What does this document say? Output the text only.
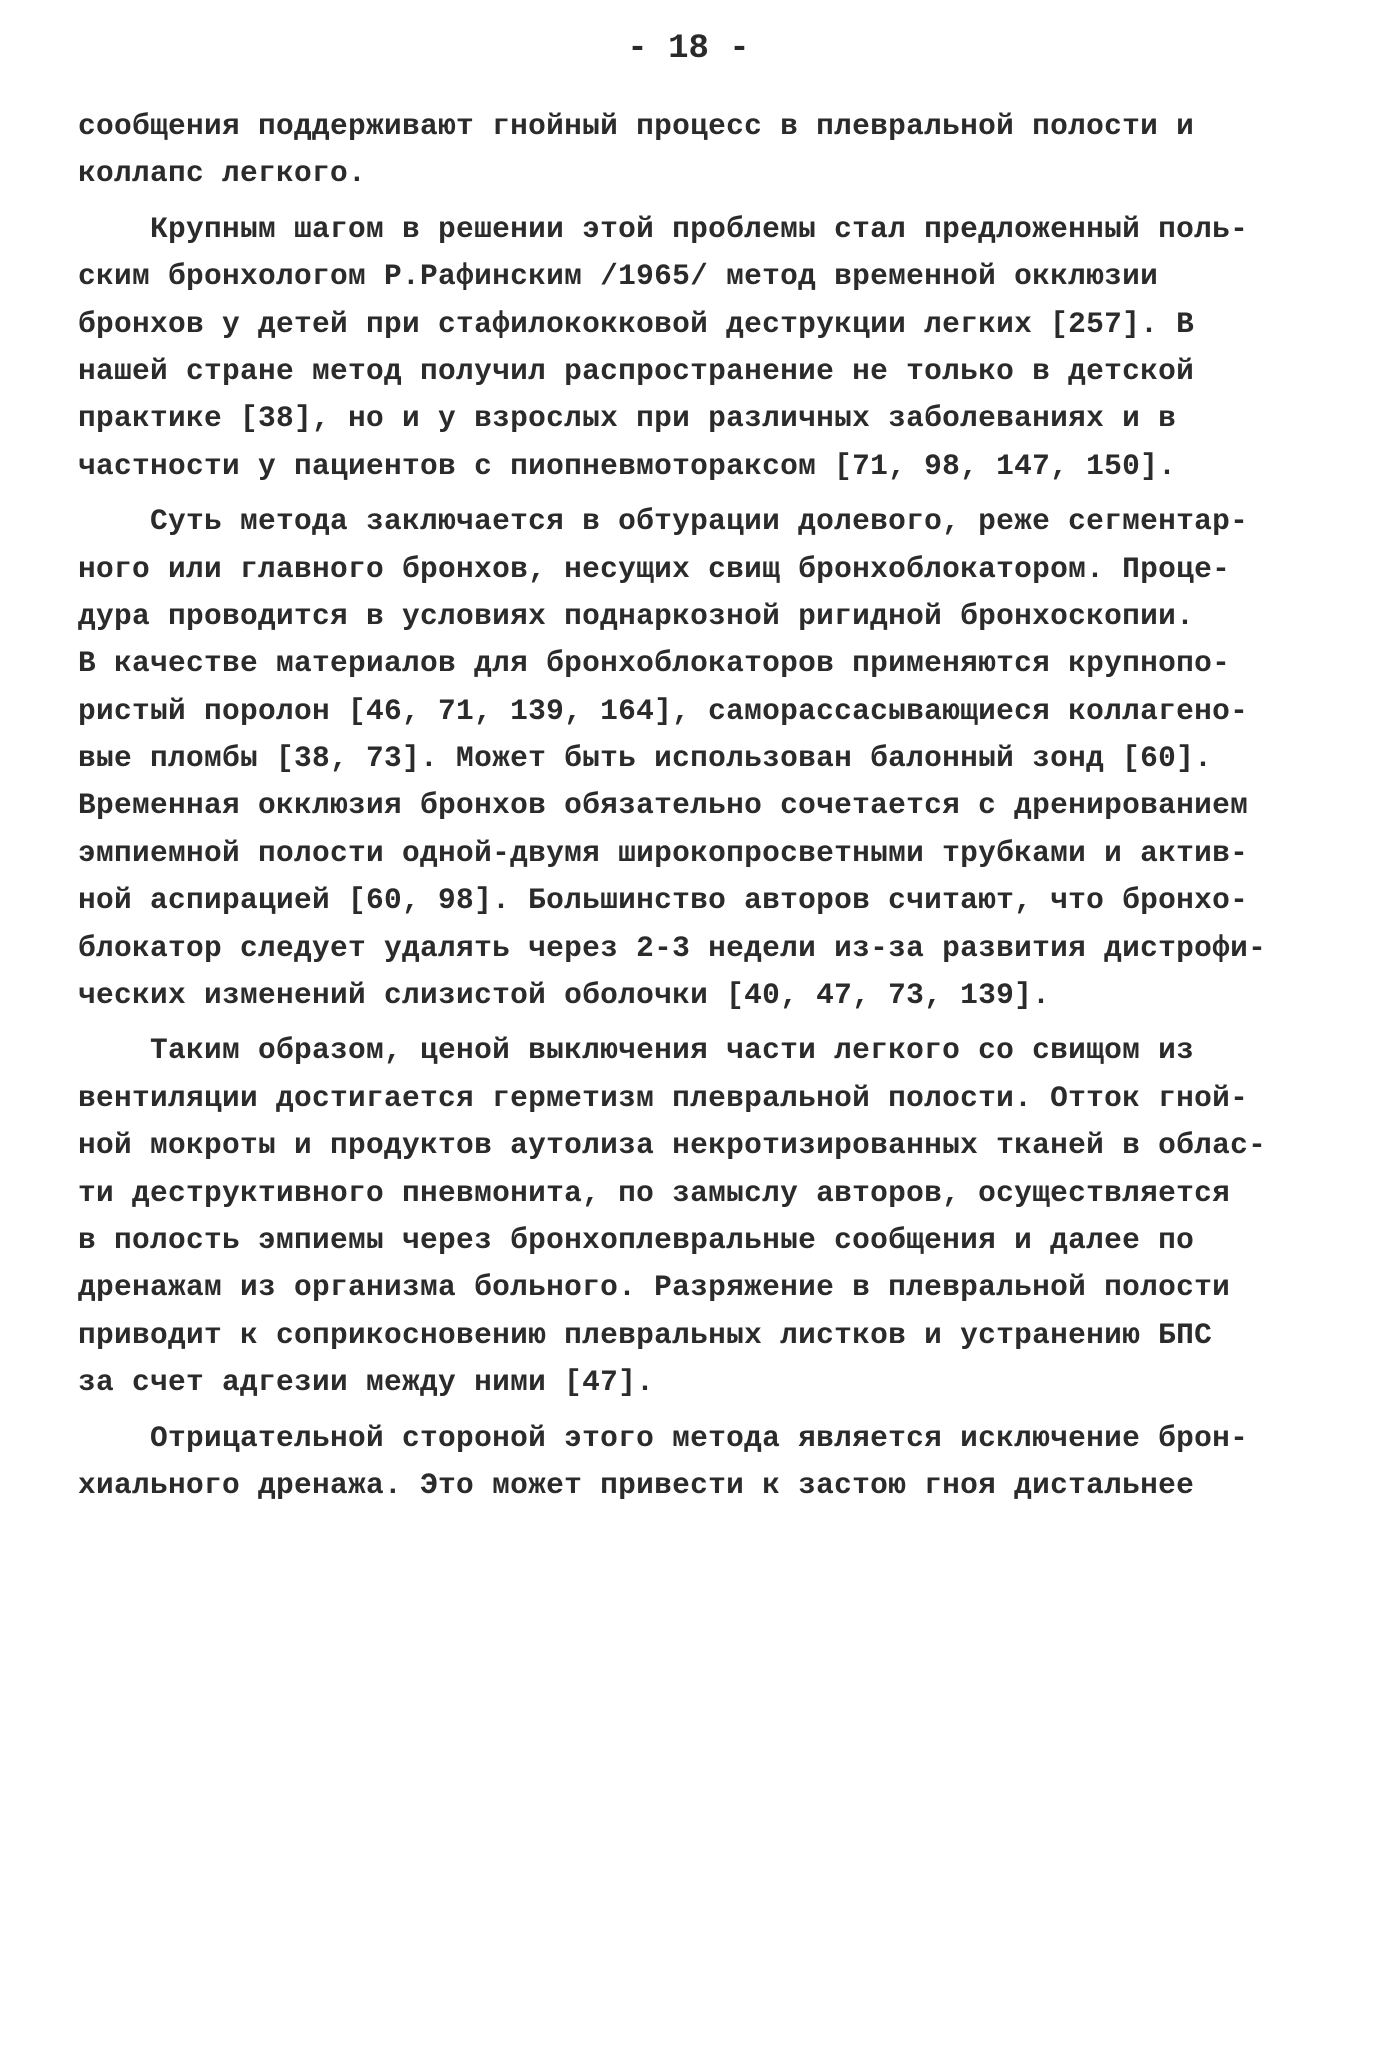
- 18 -
сообщения поддерживают гнойный процесс в плевральной полости и
коллапс легкого.
Крупным шагом в решении этой проблемы стал предложенный поль-
ским бронхологом Р.Рафинским /1965/ метод временной окклюзии
бронхов у детей при стафилококковой деструкции легких [257]. В
нашей стране метод получил распространение не только в детской
практике [38], но и у взрослых при различных заболеваниях и в
частности у пациентов с пиопневмотораксом [71, 98, 147, 150].
Суть метода заключается в обтурации долевого, реже сегментар-
ного или главного бронхов, несущих свищ бронхоблокатором. Проце-
дура проводится в условиях поднаркозной ригидной бронхоскопии.
В качестве материалов для бронхоблокаторов применяются крупнопо-
ристый поролон [46, 71, 139, 164], саморассасывающиеся коллагено-
вые пломбы [38, 73]. Может быть использован балонный зонд [60].
Временная окклюзия бронхов обязательно сочетается с дренированием
эмпиемной полости одной-двумя широкопросветными трубками и актив-
ной аспирацией [60, 98]. Большинство авторов считают, что бронхо-
блокатор следует удалять через 2-3 недели из-за развития дистрофи-
ческих изменений слизистой оболочки [40, 47, 73, 139].
Таким образом, ценой выключения части легкого со свищом из
вентиляции достигается герметизм плевральной полости. Отток гной-
ной мокроты и продуктов аутолиза некротизированных тканей в облас-
ти деструктивного пневмонита, по замыслу авторов, осуществляется
в полость эмпиемы через бронхоплевральные сообщения и далее по
дренажам из организма больного. Разряжение в плевральной полости
приводит к соприкосновению плевральных листков и устранению БПС
за счет адгезии между ними [47].
Отрицательной стороной этого метода является исключение брон-
хиального дренажа. Это может привести к застою гноя дистальнее
